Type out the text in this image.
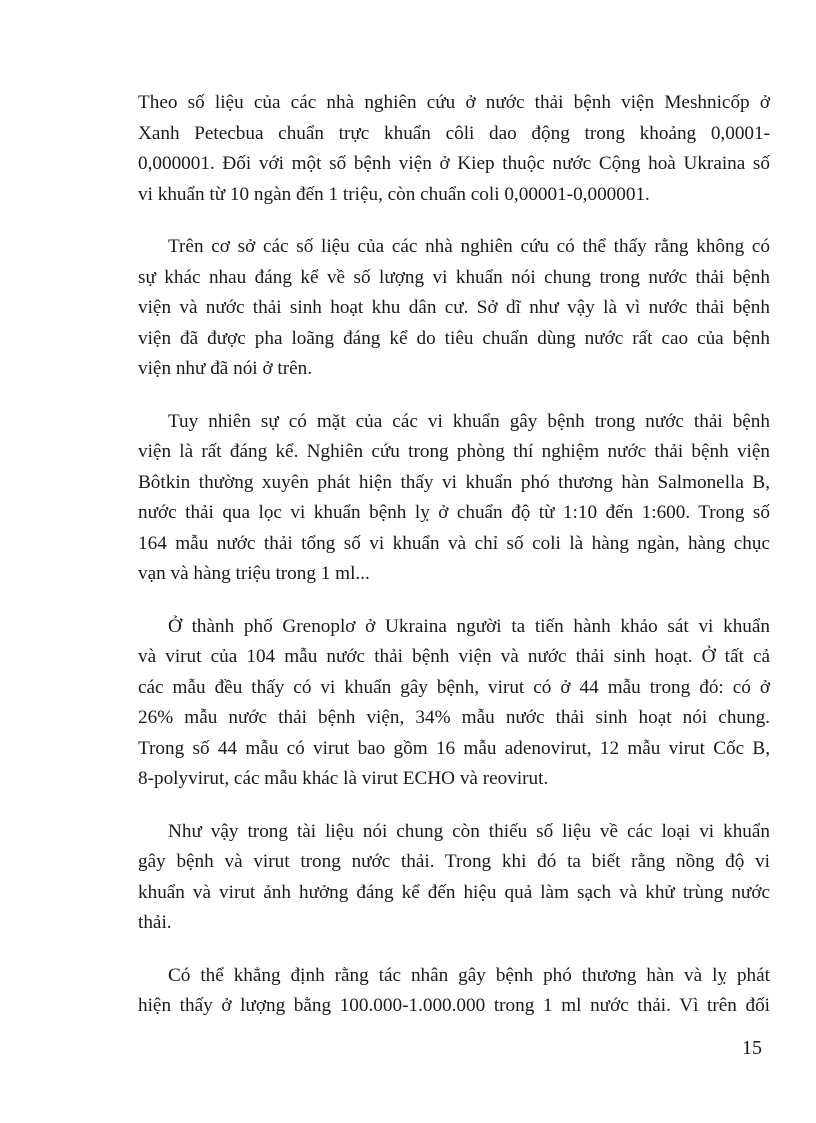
Theo số liệu của các nhà nghiên cứu ở nước thải bệnh viện Meshnicốp ở
Xanh Petecbua chuẩn trực khuẩn côli dao động trong khoảng 0,0001-
0,000001. Đối với một số bệnh viện ở Kiep thuộc nước Cộng hoà Ukraina số
vi khuẩn từ 10 ngàn đến 1 triệu, còn chuẩn coli 0,00001-0,000001.

Trên cơ sở các số liệu của các nhà nghiên cứu có thể thấy rằng không có
sự khác nhau đáng kể về số lượng vi khuẩn nói chung trong nước thải bệnh
viện và nước thải sinh hoạt khu dân cư. Sở dĩ như vậy là vì nước thải bệnh
viện đã được pha loãng đáng kể do tiêu chuẩn dùng nước rất cao của bệnh
viện như đã nói ở trên.

Tuy nhiên sự có mặt của các vi khuẩn gây bệnh trong nước thải bệnh
viện là rất đáng kể. Nghiên cứu trong phòng thí nghiệm nước thải bệnh viện
Bôtkin thường xuyên phát hiện thấy vi khuẩn phó thương hàn Salmonella B,
nước thải qua lọc vi khuẩn bệnh lỵ ở chuẩn độ từ 1:10 đến 1:600. Trong số
164 mẫu nước thải tổng số vi khuẩn và chỉ số coli là hàng ngàn, hàng chục
vạn và hàng triệu trong 1 ml...

Ở thành phố Grenoplơ ở Ukraina người ta tiến hành khảo sát vi khuẩn
và virut của 104 mẫu nước thải bệnh viện và nước thải sinh hoạt. Ở tất cả
các mẫu đều thấy có vi khuẩn gây bệnh, virut có ở 44 mẫu trong đó: có ở
26% mẫu nước thải bệnh viện, 34% mẫu nước thải sinh hoạt nói chung.
Trong số 44 mẫu có virut bao gồm 16 mẫu adenovirut, 12 mẫu virut Cốc B,
8-polyvirut, các mẫu khác là virut ECHO và reovirut.

Như vậy trong tài liệu nói chung còn thiếu số liệu về các loại vi khuẩn
gây bệnh và virut trong nước thải. Trong khi đó ta biết rằng nồng độ vi
khuẩn và virut ảnh hưởng đáng kể đến hiệu quả làm sạch và khử trùng nước
thải.

Có thể khẳng định rằng tác nhân gây bệnh phó thương hàn và lỵ phát
hiện thấy ở lượng bằng 100.000-1.000.000 trong 1 ml nước thải. Vì trên đối

15
